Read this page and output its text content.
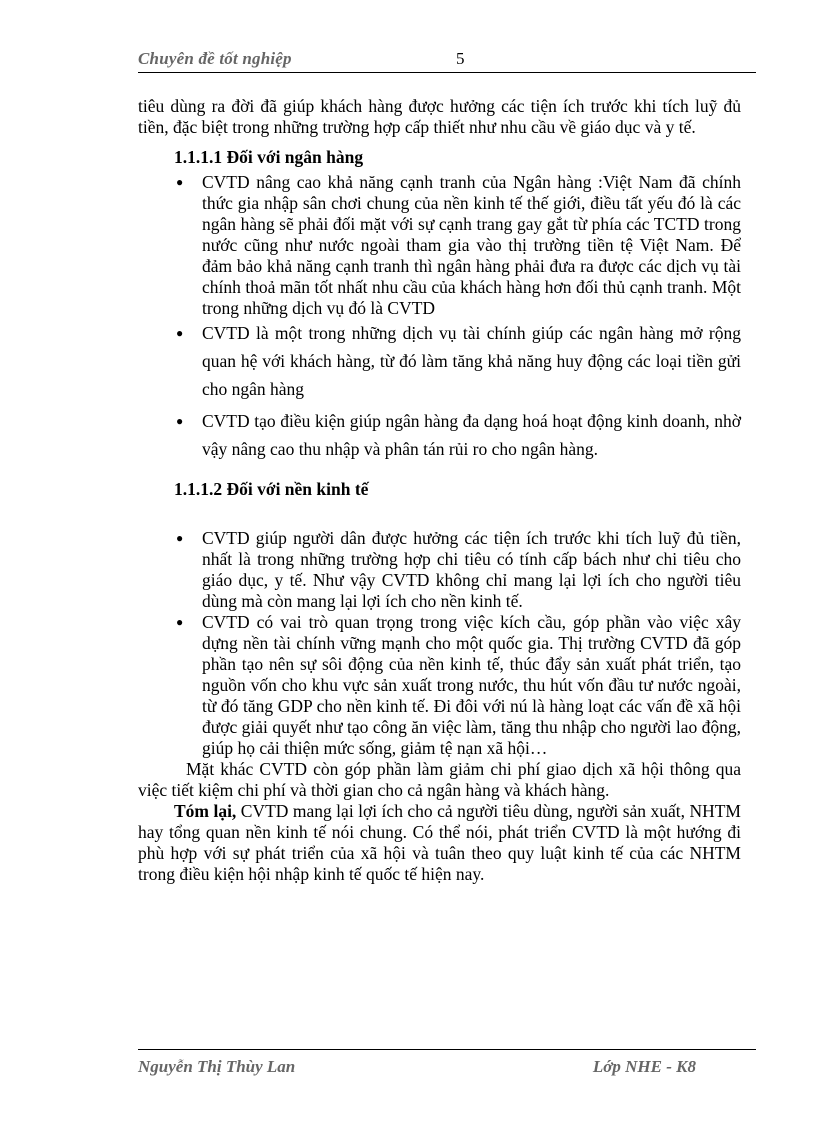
Chuyên đề tốt nghiệp	5

tiêu dùng ra đời đã giúp khách hàng được hưởng các tiện ích trước khi tích luỹ đủ tiền, đặc biệt trong những trường hợp cấp thiết như nhu cầu về giáo dục và y tế.

1.1.1.1 Đối với ngân hàng
● CVTD nâng cao khả năng cạnh tranh của Ngân hàng :Việt Nam đã chính thức gia nhập sân chơi chung của nền kinh tế thế giới, điều tất yếu đó là các ngân hàng sẽ phải đối mặt với sự cạnh trang gay gắt từ phía các TCTD trong nước cũng như nước ngoài tham gia vào thị trường tiền tệ Việt Nam. Để đảm bảo khả năng cạnh tranh thì ngân hàng phải đưa ra được các dịch vụ tài chính thoả mãn tốt nhất nhu cầu của khách hàng hơn đối thủ cạnh tranh. Một trong những dịch vụ đó là CVTD
● CVTD là một trong những dịch vụ tài chính giúp các ngân hàng mở rộng quan hệ với khách hàng, từ đó làm tăng khả năng huy động các loại tiền gửi cho ngân hàng
● CVTD tạo điều kiện giúp ngân hàng đa dạng hoá hoạt động kinh doanh, nhờ vậy nâng cao thu nhập và phân tán rủi ro cho ngân hàng.
1.1.1.2 Đối với nền kinh tế
● CVTD giúp người dân được hưởng các tiện ích trước khi tích luỹ đủ tiền, nhất là trong những trường hợp chi tiêu có tính cấp bách như chi tiêu cho giáo dục, y tế. Như vậy CVTD không chỉ mang lại lợi ích cho người tiêu dùng mà còn mang lại lợi ích cho nền kinh tế.
● CVTD có vai trò quan trọng trong việc kích cầu, góp phần vào việc xây dựng nền tài chính vững mạnh cho một quốc gia. Thị trường CVTD đã góp phần tạo nên sự sôi động của nền kinh tế, thúc đẩy sản xuất phát triển, tạo nguồn vốn cho khu vực sản xuất trong nước, thu hút vốn đầu tư nước ngoài, từ đó tăng GDP cho nền kinh tế. Đi đôi với nú là hàng loạt các vấn đề xã hội được giải quyết như tạo công ăn việc làm, tăng thu nhập cho người lao động, giúp họ cải thiện mức sống, giảm tệ nạn xã hội…

Mặt khác CVTD còn góp phần làm giảm chi phí giao dịch xã hội thông qua việc tiết kiệm chi phí và thời gian cho cả ngân hàng và khách hàng.

Tóm lại, CVTD mang lại lợi ích cho cả người tiêu dùng, người sản xuất, NHTM hay tổng quan nền kinh tế nói chung. Có thể nói, phát triển CVTD là một hướng đi phù hợp với sự phát triển của xã hội và tuân theo quy luật kinh tế của các NHTM trong điều kiện hội nhập kinh tế quốc tế hiện nay.

Nguyễn Thị Thùy Lan	Lớp NHE - K8
